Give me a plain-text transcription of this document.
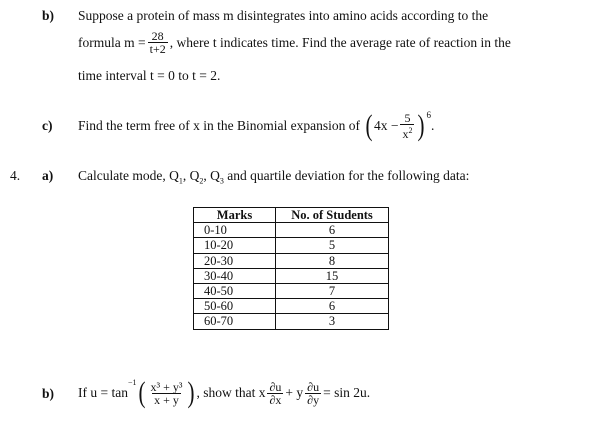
b) Suppose a protein of mass m disintegrates into amino acids according to the
formula $m = \frac{28}{t+2}$ , where t indicates time. Find the average rate of reaction in the
time interval t = 0 to t = 2.
c) Find the term free of x in the Binomial expansion of ( $4x - \frac{5}{x^2} )^6$
.
4. a) Calculate mode, $Q_1$, $Q_2$, $Q_3$ and quartile deviation for the following data:
Marks	No. of Students
0-10	6
10-20	5
20-30	8
30-40	15
40-50	7
50-60	6
60-70	3
b) If u = tan
$^{-1}$ ( $\frac{\text{x³ + y³}}{x + y}$ ) , show that x $\frac{\partial u}{\partial x} + y \frac{\partial u}{\partial y} = \sin 2u$.
